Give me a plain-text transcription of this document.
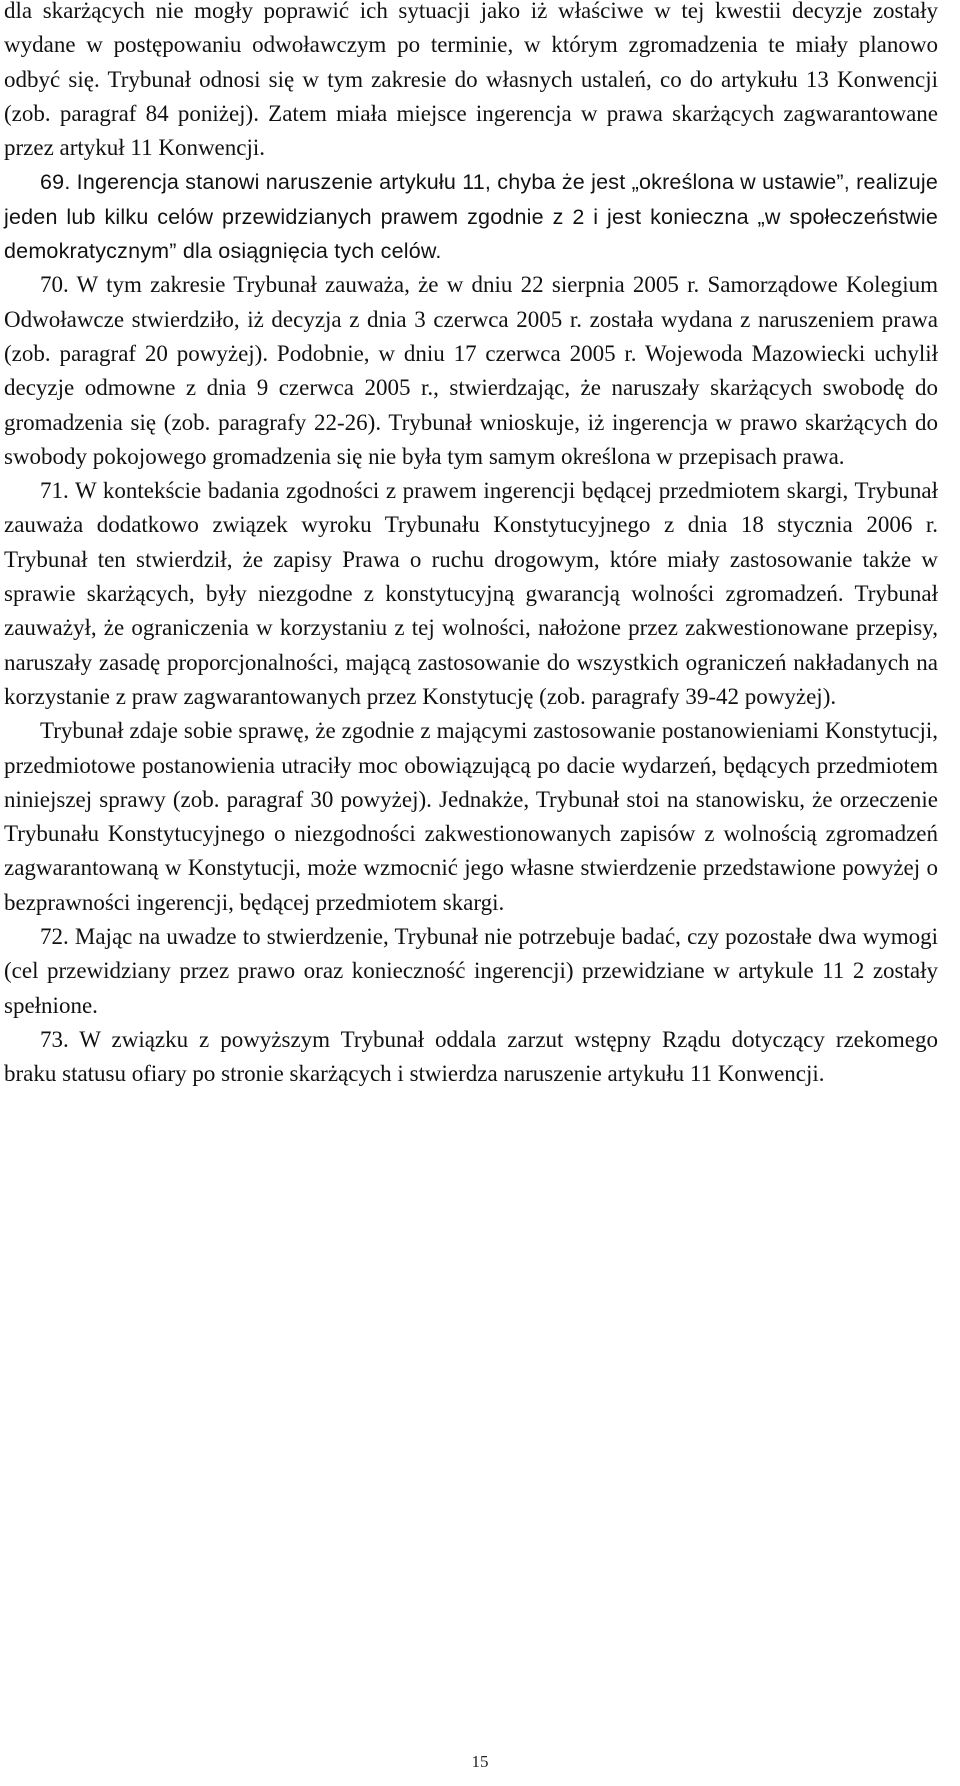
dla skarżących nie mogły poprawić ich sytuacji jako iż właściwe w tej kwestii decyzje zostały wydane w postępowaniu odwoławczym po terminie, w którym zgromadzenia te miały planowo odbyć się. Trybunał odnosi się w tym zakresie do własnych ustaleń, co do artykułu 13 Konwencji (zob. paragraf 84 poniżej). Zatem miała miejsce ingerencja w prawa skarżących zagwarantowane przez artykuł 11 Konwencji.

69. Ingerencja stanowi naruszenie artykułu 11, chyba że jest „określona w ustawie”, realizuje jeden lub kilku celów przewidzianych prawem zgodnie z 2 i jest konieczna „w społeczeństwie demokratycznym” dla osiągnięcia tych celów.

70. W tym zakresie Trybunał zauważa, że w dniu 22 sierpnia 2005 r. Samorządowe Kolegium Odwoławcze stwierdziło, iż decyzja z dnia 3 czerwca 2005 r. została wydana z naruszeniem prawa (zob. paragraf 20 powyżej). Podobnie, w dniu 17 czerwca 2005 r. Wojewoda Mazowiecki uchylił decyzje odmowne z dnia 9 czerwca 2005 r., stwierdzając, że naruszały skarżących swobodę do gromadzenia się (zob. paragrafy 22-26). Trybunał wnioskuje, iż ingerencja w prawo skarżących do swobody pokojowego gromadzenia się nie była tym samym określona w przepisach prawa.

71. W kontekście badania zgodności z prawem ingerencji będącej przedmiotem skargi, Trybunał zauważa dodatkowo związek wyroku Trybunału Konstytucyjnego z dnia 18 stycznia 2006 r. Trybunał ten stwierdził, że zapisy Prawa o ruchu drogowym, które miały zastosowanie także w sprawie skarżących, były niezgodne z konstytucyjną gwarancją wolności zgromadzeń. Trybunał zauważył, że ograniczenia w korzystaniu z tej wolności, nałożone przez zakwestionowane przepisy, naruszały zasadę proporcjonalności, mającą zastosowanie do wszystkich ograniczeń nakładanych na korzystanie z praw zagwarantowanych przez Konstytucję (zob. paragrafy 39-42 powyżej).

Trybunał zdaje sobie sprawę, że zgodnie z mającymi zastosowanie postanowieniami Konstytucji, przedmiotowe postanowienia utraciły moc obowiązującą po dacie wydarzeń, będących przedmiotem niniejszej sprawy (zob. paragraf 30 powyżej). Jednakże, Trybunał stoi na stanowisku, że orzeczenie Trybunału Konstytucyjnego o niezgodności zakwestionowanych zapisów z wolnością zgromadzeń zagwarantowaną w Konstytucji, może wzmocnić jego własne stwierdzenie przedstawione powyżej o bezprawności ingerencji, będącej przedmiotem skargi.

72. Mając na uwadze to stwierdzenie, Trybunał nie potrzebuje badać, czy pozostałe dwa wymogi (cel przewidziany przez prawo oraz konieczność ingerencji) przewidziane w artykule 11 2 zostały spełnione.

73. W związku z powyższym Trybunał oddala zarzut wstępny Rządu dotyczący rzekomego braku statusu ofiary po stronie skarżących i stwierdza naruszenie artykułu 11 Konwencji.

15
